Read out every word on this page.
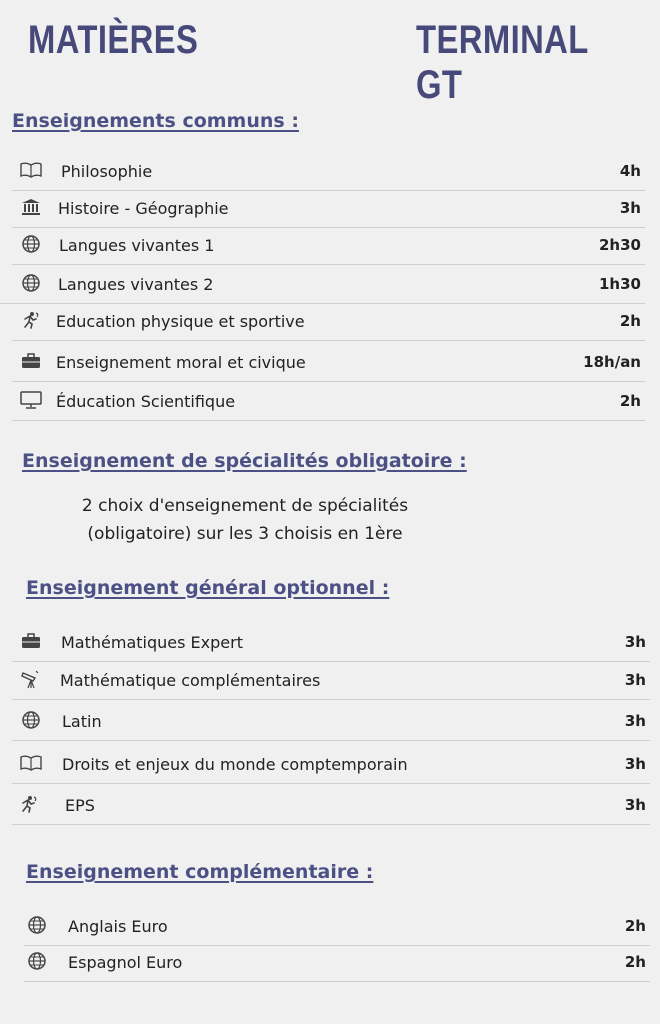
MATIÈRES	TERMINAL GT
Enseignements communs :
Philosophie	4h
Histoire - Géographie	3h
Langues vivantes 1	2h30
Langues vivantes 2	1h30
Education physique et sportive	2h
Enseignement moral et civique	18h/an
Éducation Scientifique	2h
Enseignement de spécialités obligatoire :
2 choix d'enseignement de spécialités
(obligatoire) sur les 3 choisis en 1ère
Enseignement général optionnel :
Mathématiques Expert	3h
Mathématique complémentaires	3h
Latin	3h
Droits et enjeux du monde comptemporain	3h
EPS	3h
Enseignement complémentaire :
Anglais Euro	2h
Espagnol Euro	2h
